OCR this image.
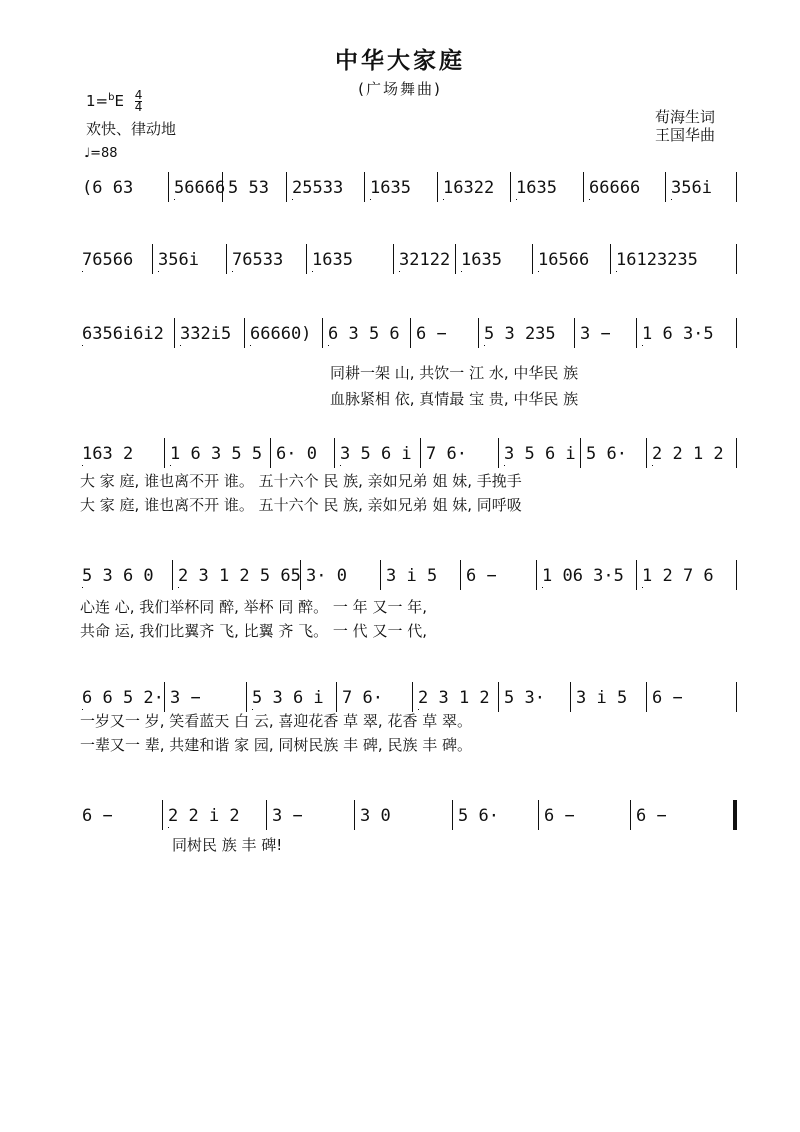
中华大家庭
(广场舞曲)
$1=^bE \frac{4}{4}$
欢快、律动地
♩=88
荀海生词
王国华曲
(6 63 56666 5 53 25533 1635 16322 1635 66666 356i
76566 356i 76533 1635	32122 1635 16566 16123235
6356i6i2 3̇32i5 66660) 6 3 5 6 6 − 5 3 235 3 − 1 6 3·5
同耕一架 山, 共饮一 江 水, 中华民 族
血脉紧相 依, 真情最 宝 贵, 中华民 族
163 2 1 6 3 5 5 6· 0 3 5 6 i 7 6· 3 5 6 i 5 6· 2 2 1 2
大 家 庭, 谁也离不开 谁。 五十六个 民 族, 亲如兄弟 姐 妹, 手挽手
大 家 庭, 谁也离不开 谁。 五十六个 民 族, 亲如兄弟 姐 妹, 同呼吸
5 3 6 0 2 3 1 2 5 65 3· 0 3 i 5 6 −	1 06 3·5 1 2 7 6
心连 心, 我们举杯同 醉, 举杯 同 醉。 一 年 又一 年,
共命 运, 我们比翼齐 飞, 比翼 齐 飞。 一 代 又一 代,
6 6 5 2· 3 −	5 3 6 i 7 6· 2 3 1 2 5 3· 3 i 5 6 −
一岁又一 岁, 笑看蓝天 白 云, 喜迎花香 草 翠, 花香 草 翠。
一辈又一 辈, 共建和谐 家 园, 同树民族 丰 碑, 民族 丰 碑。
6 −	2 2 i 2 3 −	3 0	5 6·	6 −	6 −
同树民 族 丰 碑!
